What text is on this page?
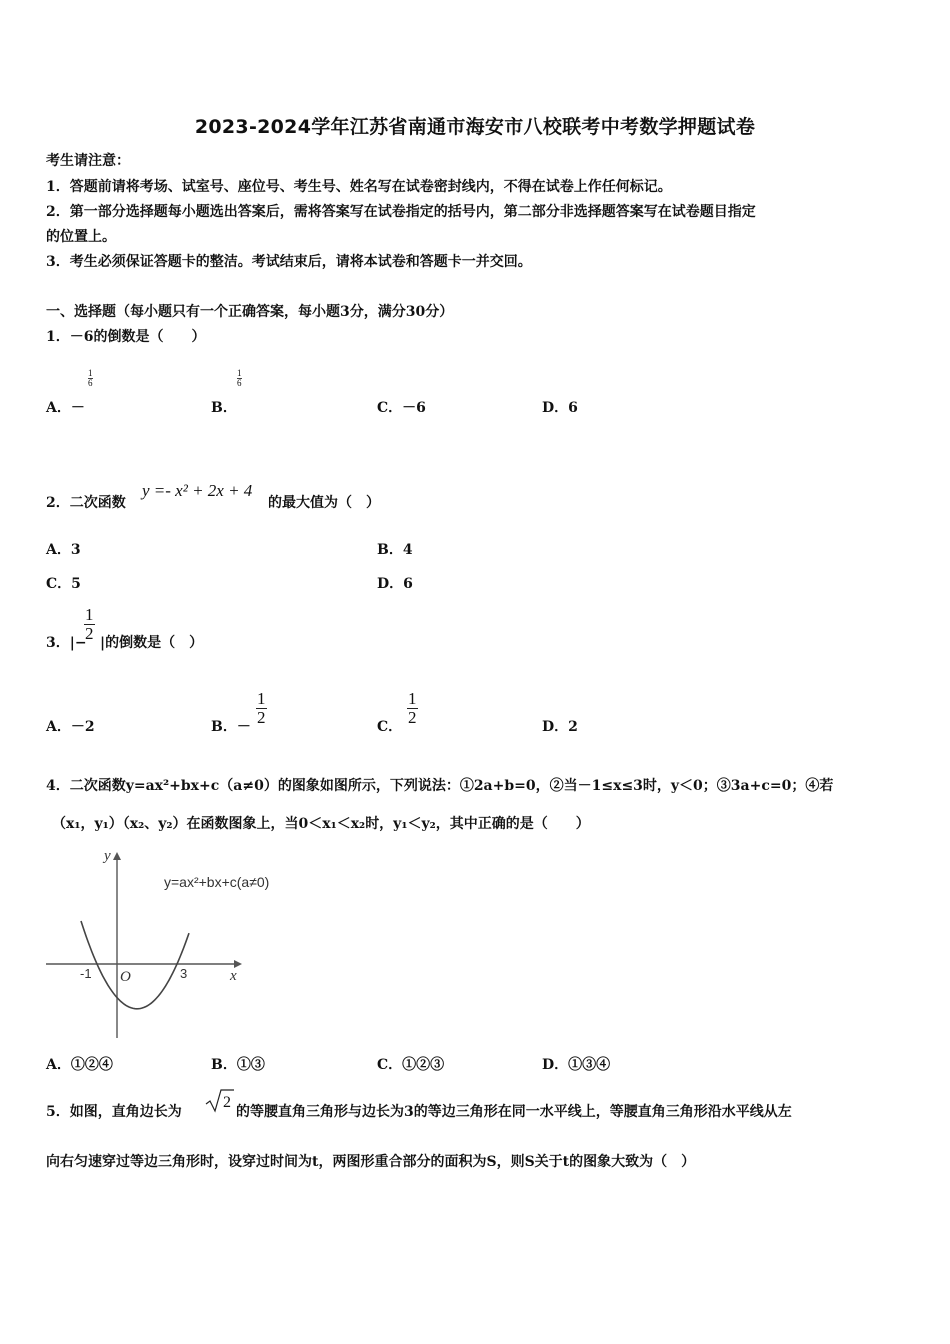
2023-2024学年江苏省南通市海安市八校联考中考数学押题试卷
考生请注意：
1．答题前请将考场、试室号、座位号、考生号、姓名写在试卷密封线内，不得在试卷上作任何标记。
2．第一部分选择题每小题选出答案后，需将答案写在试卷指定的括号内，第二部分非选择题答案写在试卷题目指定
的位置上。
3．考生必须保证答题卡的整洁。考试结束后，请将本试卷和答题卡一并交回。
一、选择题（每小题只有一个正确答案，每小题3分，满分30分）
1．－6的倒数是（　　）
$\frac{1}{6}$
A．－
$\frac{1}{6}$
B．	C．－6	D．6
2．二次函数
y =- x² + 2x + 4
的最大值为（　）
A．3	B．4
C．5	D．6
3．|−
$\frac{1}{2}$ |的倒数是（　）
A．－2	B．－ $\frac{1}{2}$	C． $\frac{1}{2}$	D．2
4．二次函数y=ax²+bx+c（a≠0）的图象如图所示，下列说法：①2a+b=0，②当－1≤x≤3时，y＜0；③3a+c=0；④若
（x₁，y₁）（x₂、y₂）在函数图象上，当0＜x₁＜x₂时，y₁＜y₂，其中正确的是（　　）
y
x
O
-1	3
y=ax²+bx+c(a≠0)
A．①②④	B．①③	C．①②③	D．①③④
5．如图，直角边长为
2
的等腰直角三角形与边长为3的等边三角形在同一水平线上，等腰直角三角形沿水平线从左
向右匀速穿过等边三角形时，设穿过时间为t，两图形重合部分的面积为S，则S关于t的图象大致为（　）
